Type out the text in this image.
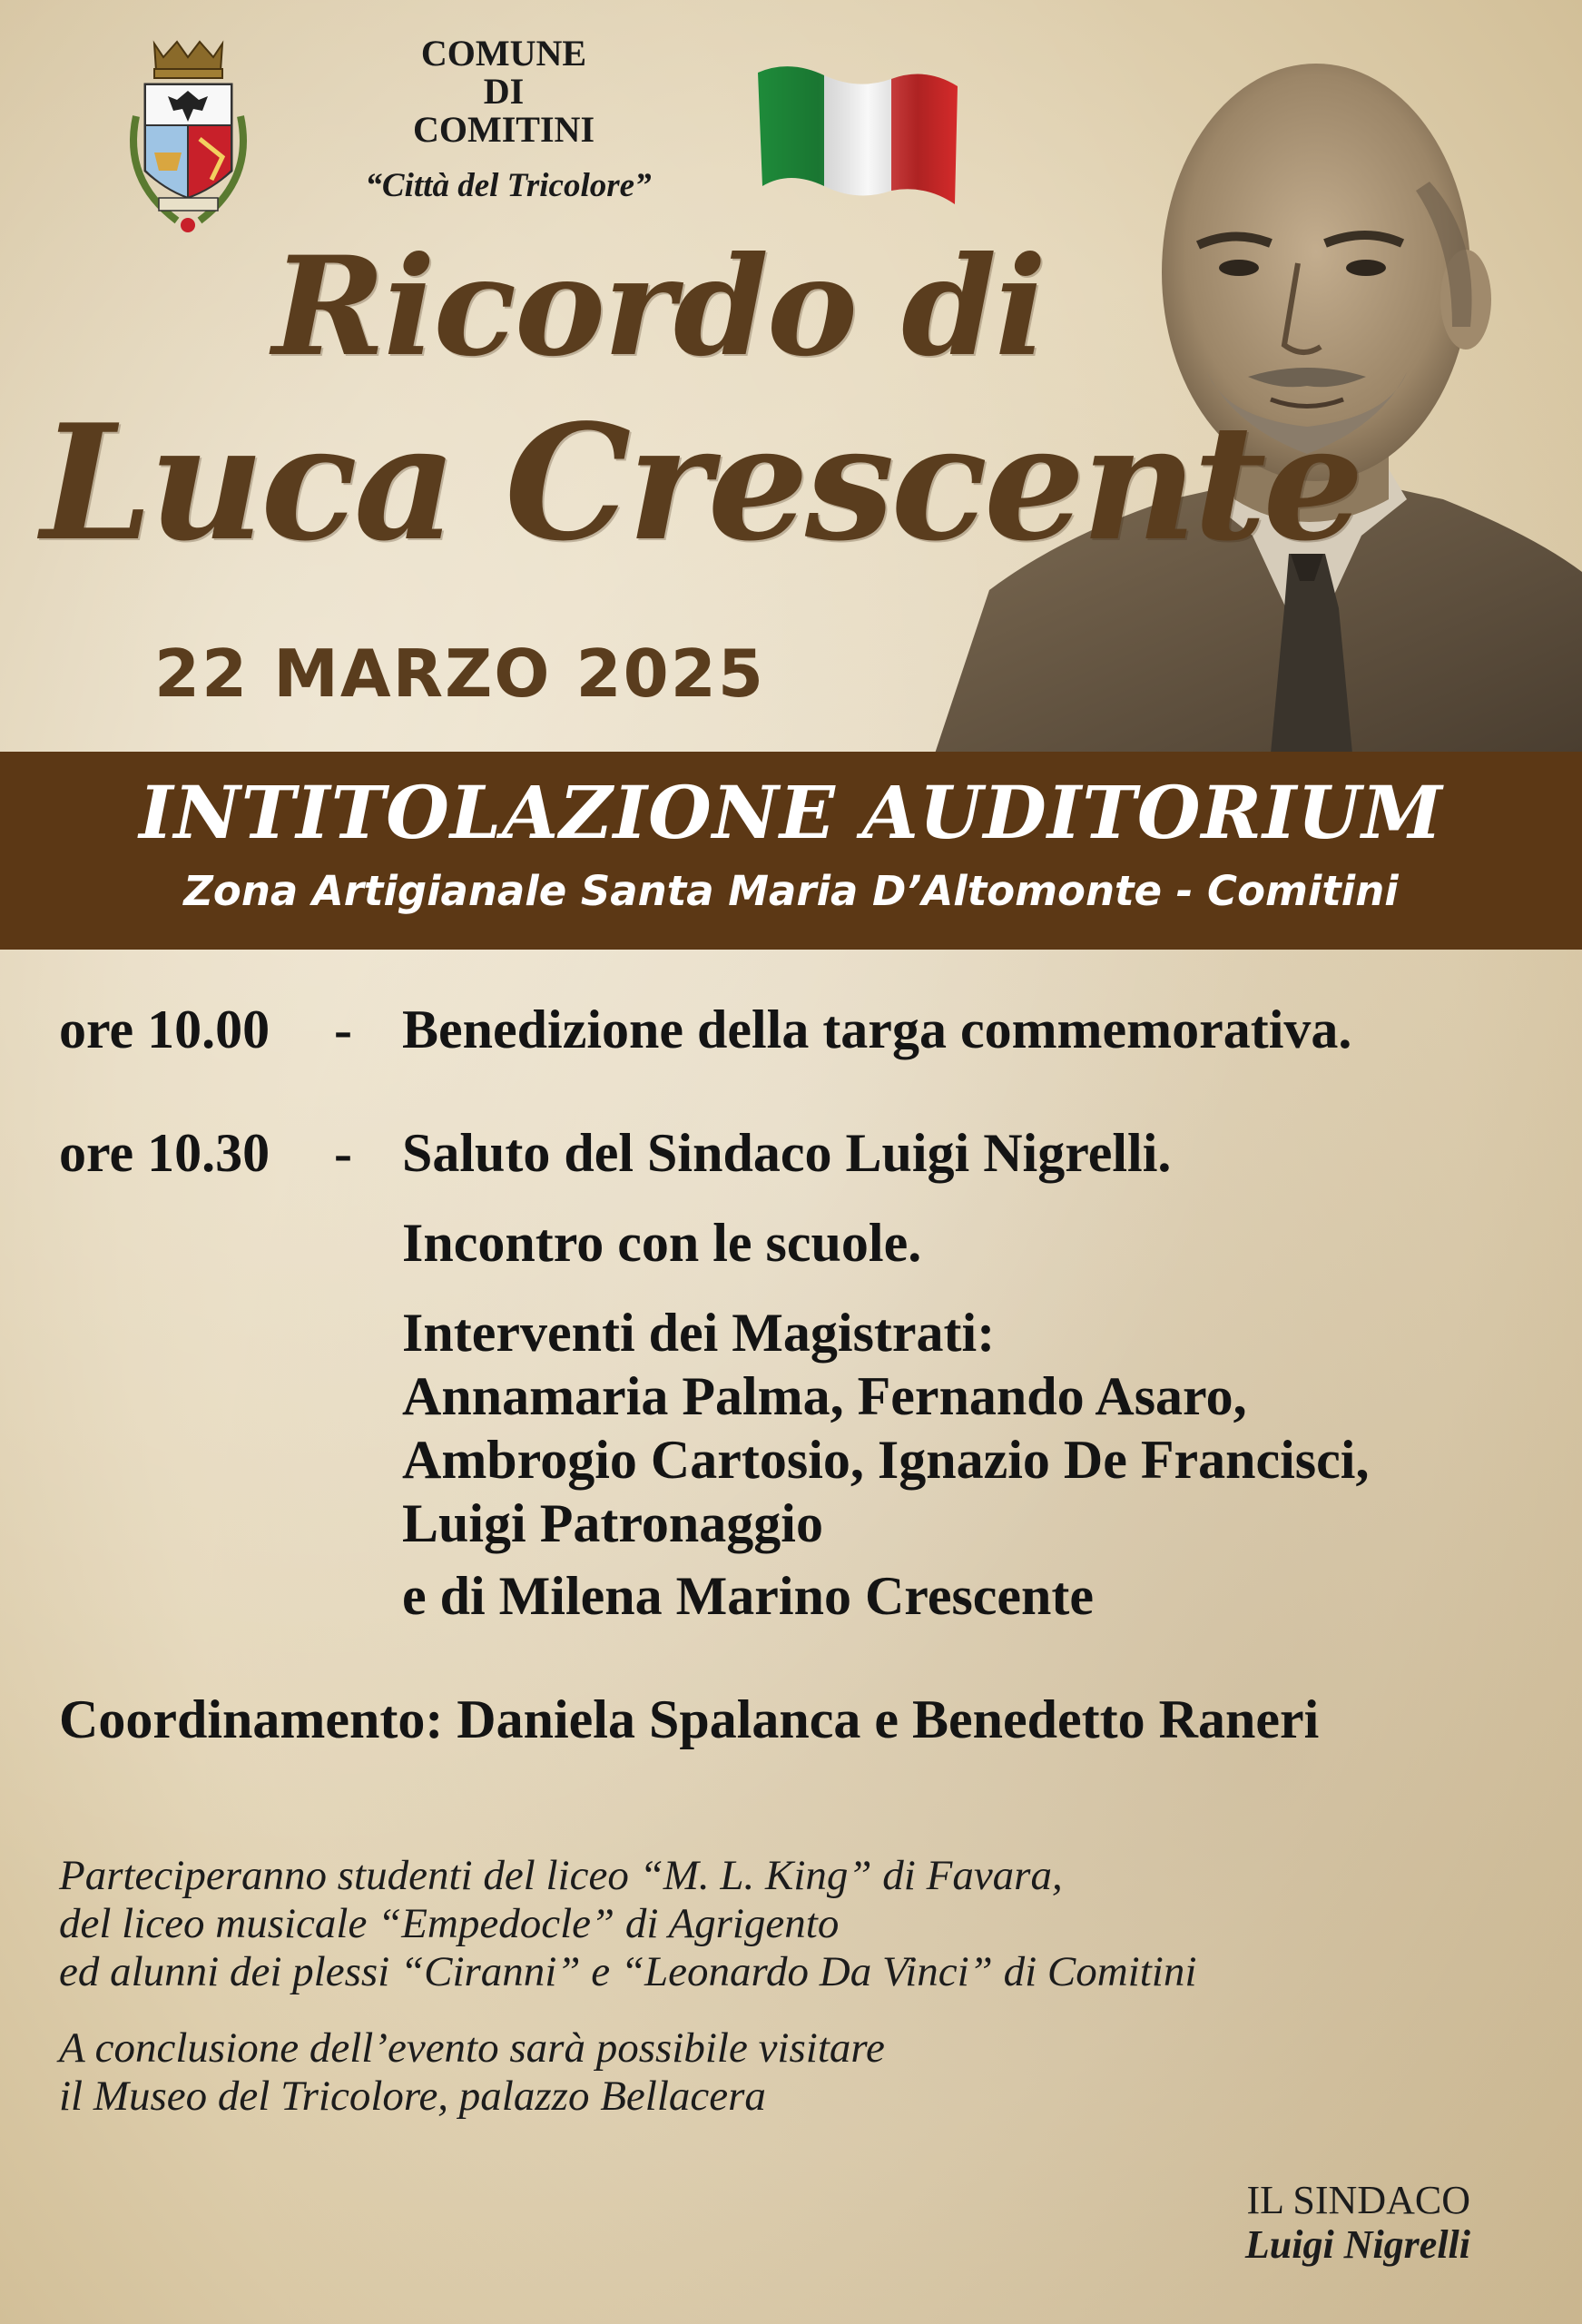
COMUNE
DI
COMITINI
“Città del Tricolore”
Ricordo di
Luca Crescente
22 MARZO 2025
INTITOLAZIONE AUDITORIUM
Zona Artigianale Santa Maria D’Altomonte - Comitini
ore 10.00 - Benedizione della targa commemorativa.
ore 10.30 - Saluto del Sindaco Luigi Nigrelli.
Incontro con le scuole.
Interventi dei Magistrati:
Annamaria Palma, Fernando Asaro,
Ambrogio Cartosio, Ignazio De Francisci,
Luigi Patronaggio
e di Milena Marino Crescente
Coordinamento: Daniela Spalanca e Benedetto Raneri
Parteciperanno studenti del liceo “M. L. King” di Favara,
del liceo musicale “Empedocle” di Agrigento
ed alunni dei plessi “Ciranni” e “Leonardo Da Vinci” di Comitini
A conclusione dell’evento sarà possibile visitare
il Museo del Tricolore, palazzo Bellacera
IL SINDACO
Luigi Nigrelli
